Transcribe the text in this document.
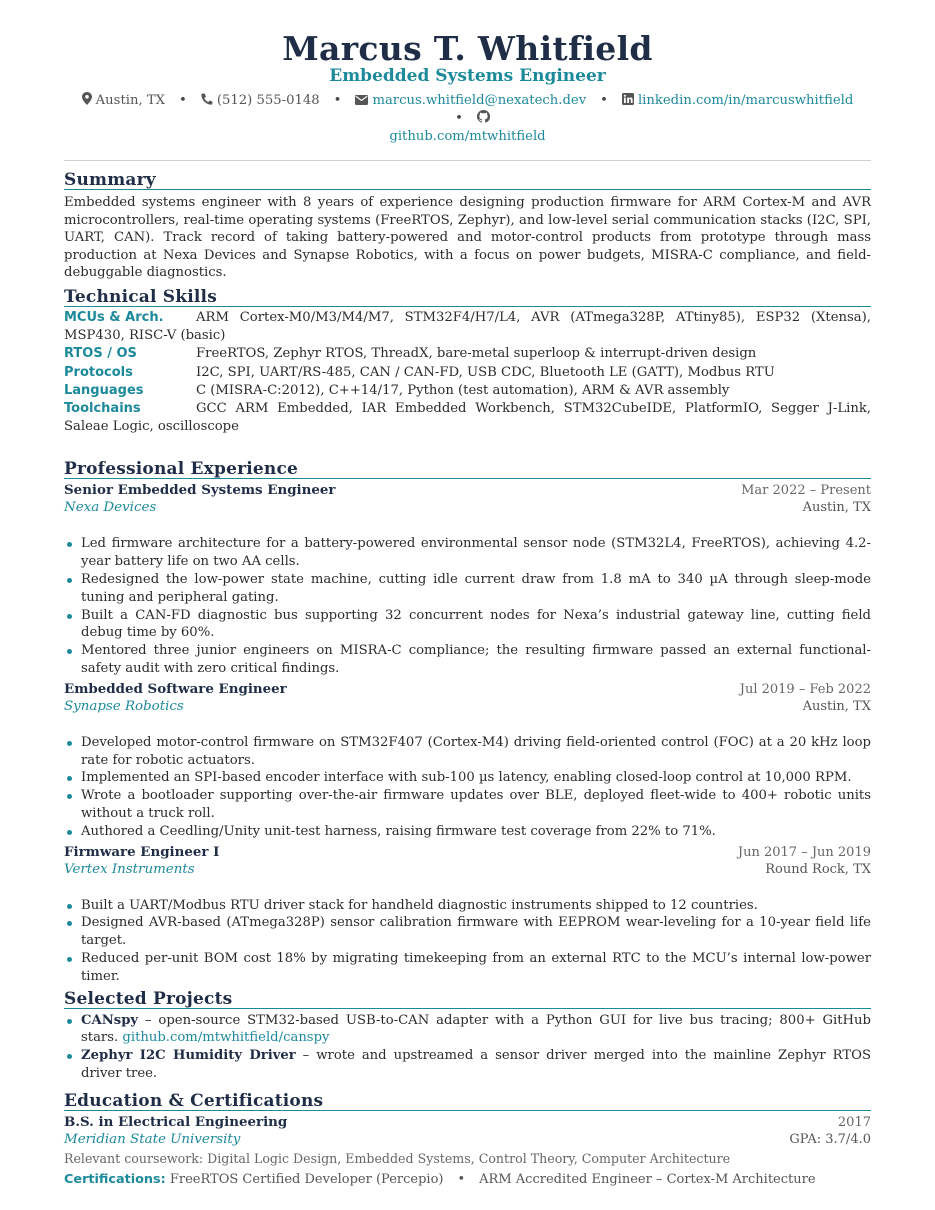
Marcus T. Whitfield
Embedded Systems Engineer
Austin, TX • (512) 555-0148 • marcus.whitfield@nexatech.dev • linkedin.com/in/marcuswhitfield•
github.com/mtwhitfield
Summary
Embedded systems engineer with 8 years of experience designing production firmware for ARM Cortex-M and AVR microcontrollers, real-time operating systems (FreeRTOS, Zephyr), and low-level serial communication stacks (I2C, SPI, UART, CAN). Track record of taking battery-powered and motor-control products from prototype through mass production at Nexa Devices and Synapse Robotics, with a focus on power budgets, MISRA-C compliance, and field-debuggable diagnostics.
Technical Skills
MCUs & Arch. ARM Cortex-M0/M3/M4/M7, STM32F4/H7/L4, AVR (ATmega328P, ATtiny85), ESP32 (Xtensa), MSP430, RISC-V (basic)
RTOS / OS	FreeRTOS, Zephyr RTOS, ThreadX, bare-metal superloop & interrupt-driven design
Protocols	I2C, SPI, UART/RS-485, CAN / CAN-FD, USB CDC, Bluetooth LE (GATT), Modbus RTU
Languages	C (MISRA-C:2012), C++14/17, Python (test automation), ARM & AVR assembly
Toolchains	GCC ARM Embedded, IAR Embedded Workbench, STM32CubeIDE, PlatformIO, Segger J-Link, Saleae Logic, oscilloscope
Professional Experience
Senior Embedded Systems Engineer	Mar 2022 – Present
Nexa Devices	Austin, TX
Led firmware architecture for a battery-powered environmental sensor node (STM32L4, FreeRTOS), achieving 4.2-year battery life on two AA cells.
Redesigned the low-power state machine, cutting idle current draw from 1.8 mA to 340 µA through sleep-mode tuning and peripheral gating.
Built a CAN-FD diagnostic bus supporting 32 concurrent nodes for Nexa’s industrial gateway line, cutting field debug time by 60%.
Mentored three junior engineers on MISRA-C compliance; the resulting firmware passed an external functional-safety audit with zero critical findings.
Embedded Software Engineer	Jul 2019 – Feb 2022
Synapse Robotics	Austin, TX
Developed motor-control firmware on STM32F407 (Cortex-M4) driving field-oriented control (FOC) at a 20 kHz loop rate for robotic actuators.
Implemented an SPI-based encoder interface with sub-100 µs latency, enabling closed-loop control at 10,000 RPM.
Wrote a bootloader supporting over-the-air firmware updates over BLE, deployed fleet-wide to 400+ robotic units without a truck roll.
Authored a Ceedling/Unity unit-test harness, raising firmware test coverage from 22% to 71%.
Firmware Engineer I	Jun 2017 – Jun 2019
Vertex Instruments	Round Rock, TX
Built a UART/Modbus RTU driver stack for handheld diagnostic instruments shipped to 12 countries.
Designed AVR-based (ATmega328P) sensor calibration firmware with EEPROM wear-leveling for a 10-year field life target.
Reduced per-unit BOM cost 18% by migrating timekeeping from an external RTC to the MCU’s internal low-power timer.
Selected Projects
CANspy – open-source STM32-based USB-to-CAN adapter with a Python GUI for live bus tracing; 800+ GitHub stars. github.com/mtwhitfield/canspy
Zephyr I2C Humidity Driver – wrote and upstreamed a sensor driver merged into the mainline Zephyr RTOS driver tree.
Education & Certifications
B.S. in Electrical Engineering	2017
Meridian State University	GPA: 3.7/4.0
Relevant coursework: Digital Logic Design, Embedded Systems, Control Theory, Computer Architecture
Certifications: FreeRTOS Certified Developer (Percepio) • ARM Accredited Engineer – Cortex-M Architecture
